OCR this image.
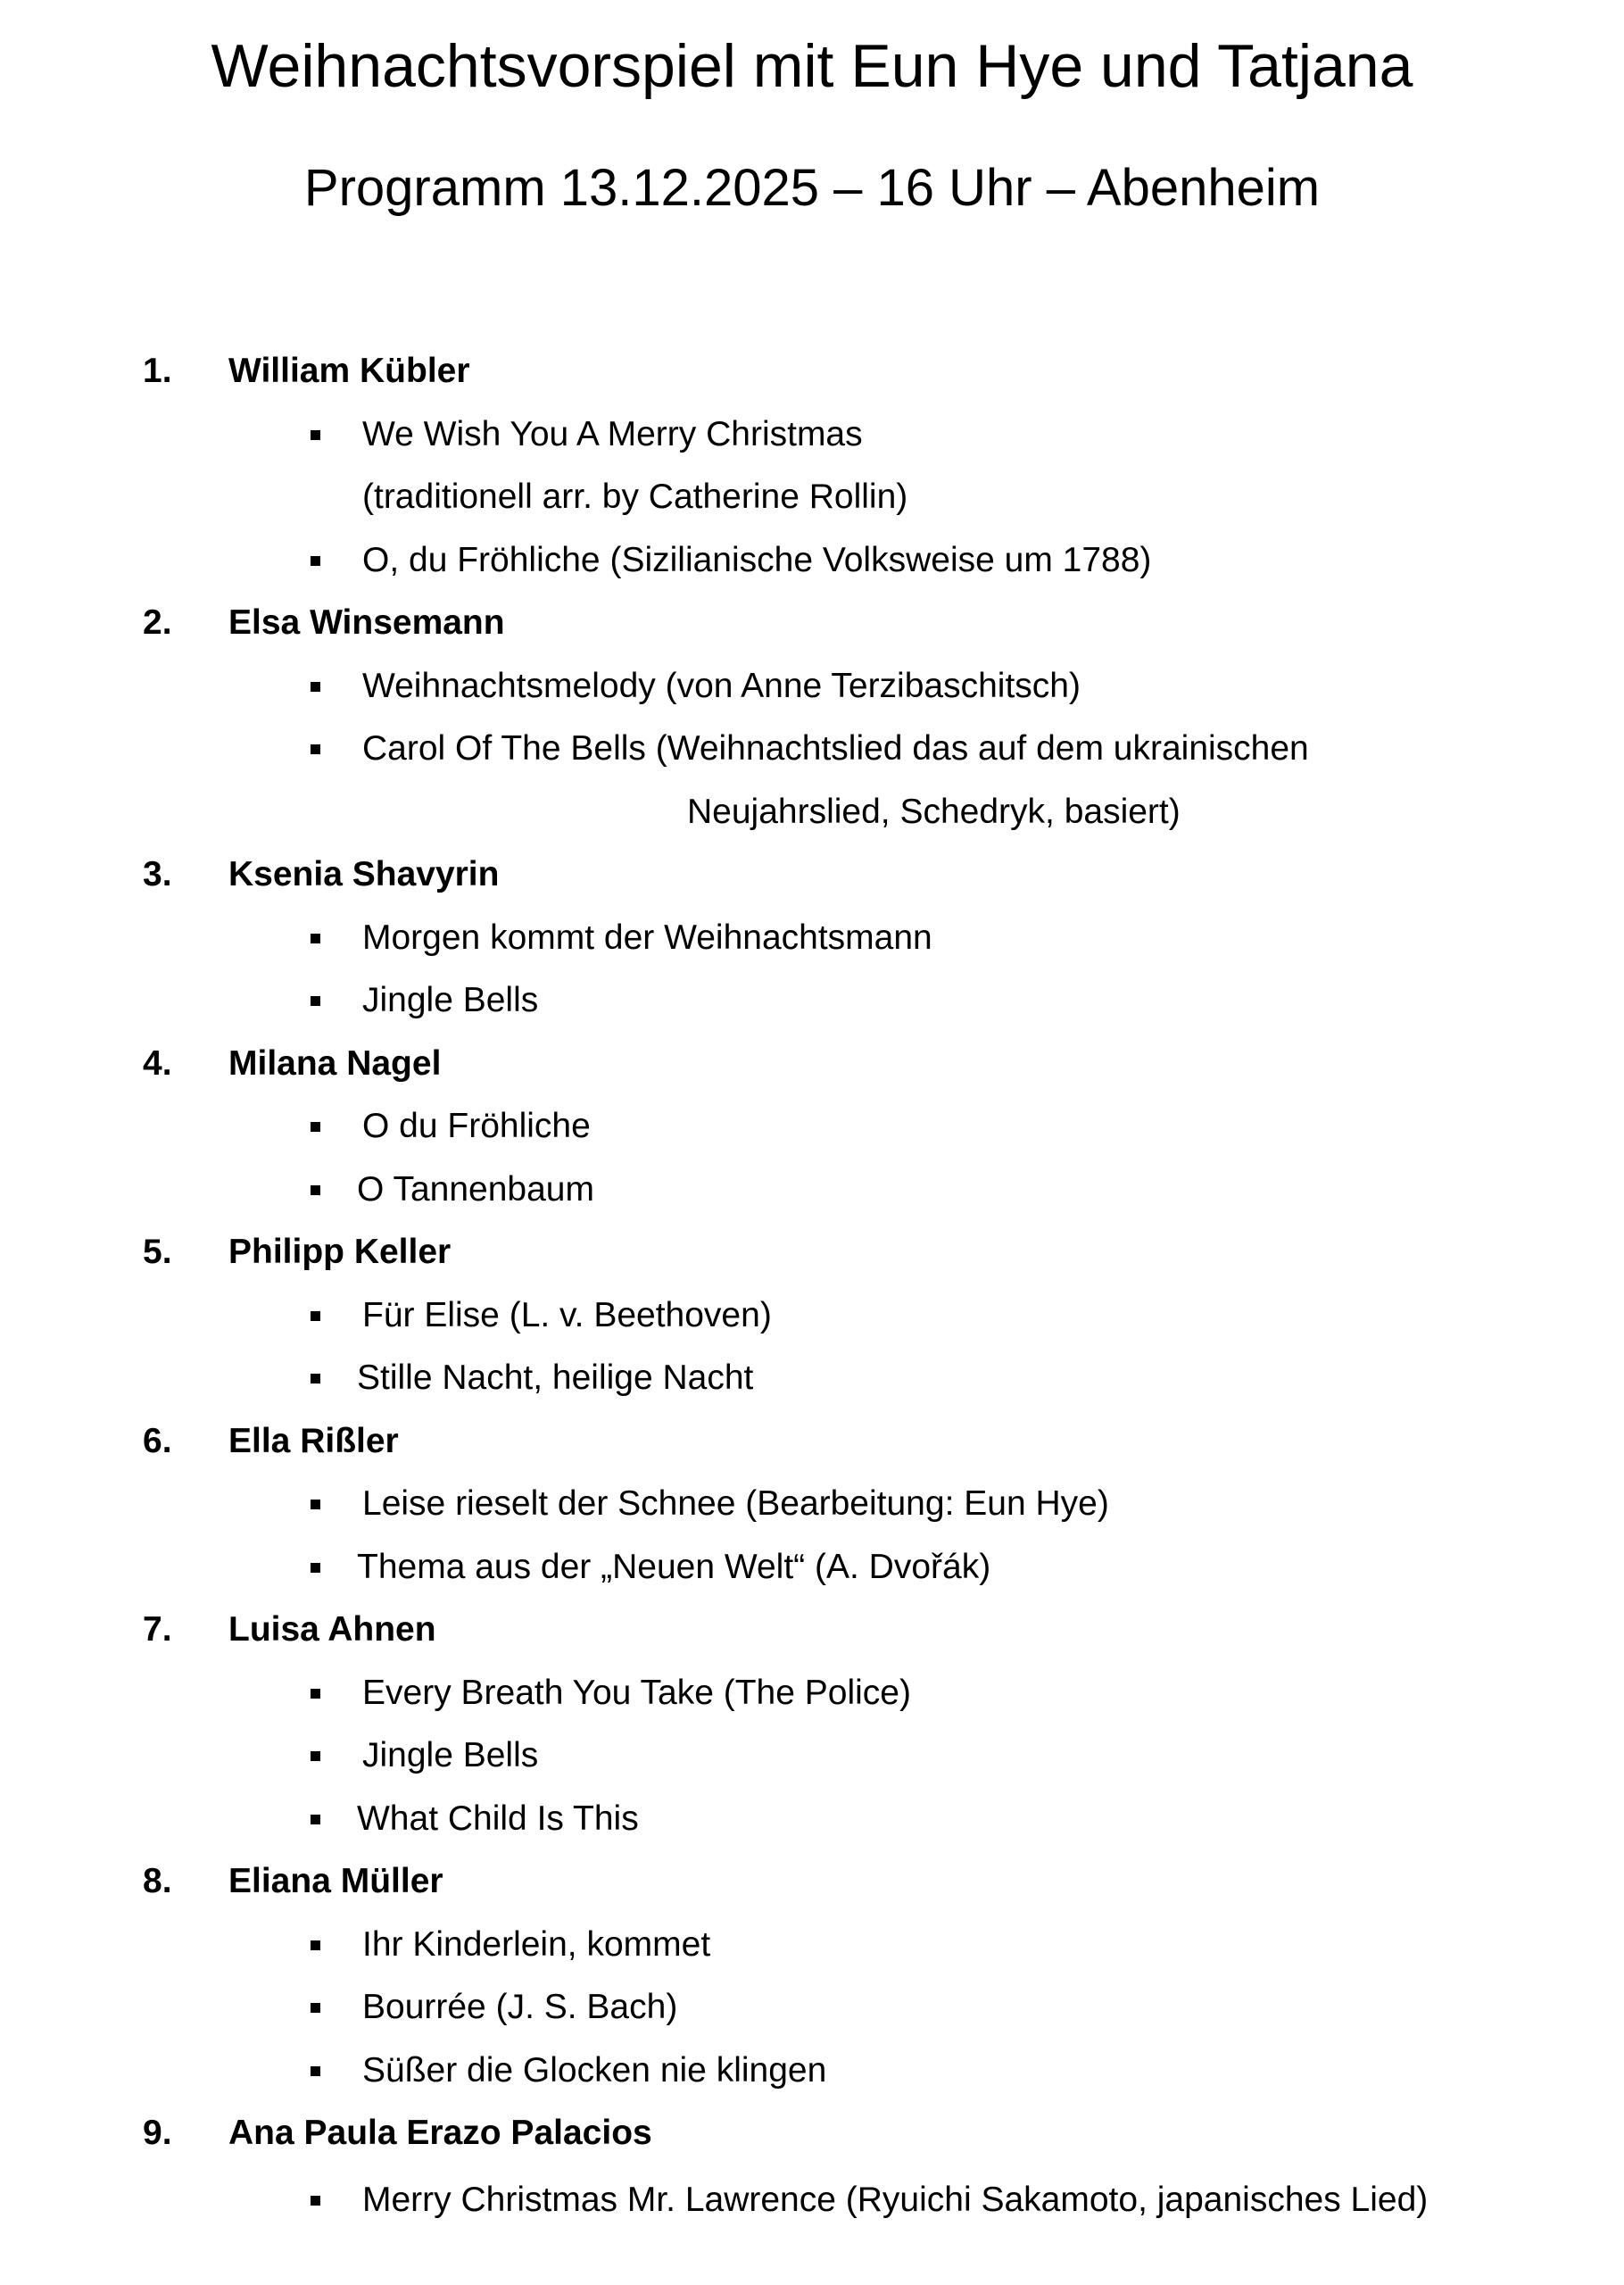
Weihnachtsvorspiel mit Eun Hye und Tatjana
Programm 13.12.2025 – 16 Uhr – Abenheim
1. William Kübler
We Wish You A Merry Christmas
(traditionell arr. by Catherine Rollin)
O, du Fröhliche (Sizilianische Volksweise um 1788)
2. Elsa Winsemann
Weihnachtsmelody (von Anne Terzibaschitsch)
Carol Of The Bells (Weihnachtslied das auf dem ukrainischen
Neujahrslied, Schedryk, basiert)
3. Ksenia Shavyrin
Morgen kommt der Weihnachtsmann
Jingle Bells
4. Milana Nagel
O du Fröhliche
O Tannenbaum
5. Philipp Keller
Für Elise (L. v. Beethoven)
Stille Nacht, heilige Nacht
6. Ella Rißler
Leise rieselt der Schnee (Bearbeitung: Eun Hye)
Thema aus der „Neuen Welt“ (A. Dvořák)
7. Luisa Ahnen
Every Breath You Take (The Police)
Jingle Bells
What Child Is This
8. Eliana Müller
Ihr Kinderlein, kommet
Bourrée (J. S. Bach)
Süßer die Glocken nie klingen
9. Ana Paula Erazo Palacios
Merry Christmas Mr. Lawrence (Ryuichi Sakamoto, japanisches Lied)
